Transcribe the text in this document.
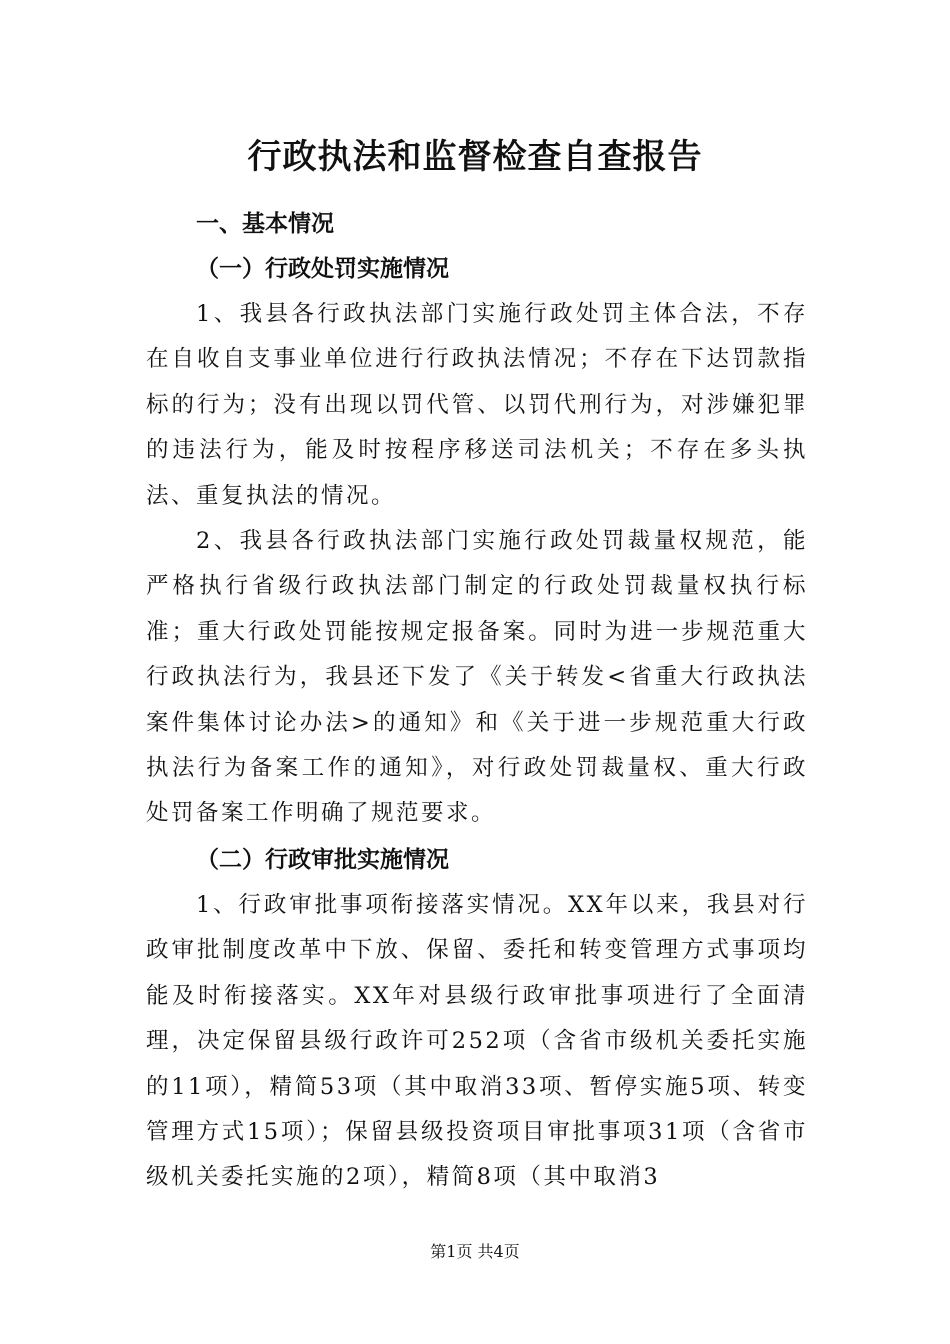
行政执法和监督检查自查报告

一、基本情况

（一）行政处罚实施情况

1、我县各行政执法部门实施行政处罚主体合法，不存在自收自支事业单位进行行政执法情况；不存在下达罚款指标的行为；没有出现以罚代管、以罚代刑行为，对涉嫌犯罪的违法行为，能及时按程序移送司法机关；不存在多头执法、重复执法的情况。

2、我县各行政执法部门实施行政处罚裁量权规范，能严格执行省级行政执法部门制定的行政处罚裁量权执行标准；重大行政处罚能按规定报备案。同时为进一步规范重大行政执法行为，我县还下发了《关于转发<省重大行政执法案件集体讨论办法>的通知》和《关于进一步规范重大行政执法行为备案工作的通知》，对行政处罚裁量权、重大行政处罚备案工作明确了规范要求。

（二）行政审批实施情况

1、行政审批事项衔接落实情况。XX年以来，我县对行政审批制度改革中下放、保留、委托和转变管理方式事项均能及时衔接落实。XX年对县级行政审批事项进行了全面清理，决定保留县级行政许可252项（含省市级机关委托实施的11项），精简53项（其中取消33项、暂停实施5项、转变管理方式15项）；保留县级投资项目审批事项31项（含省市级机关委托实施的2项），精简8项（其中取消3

第1页 共4页
